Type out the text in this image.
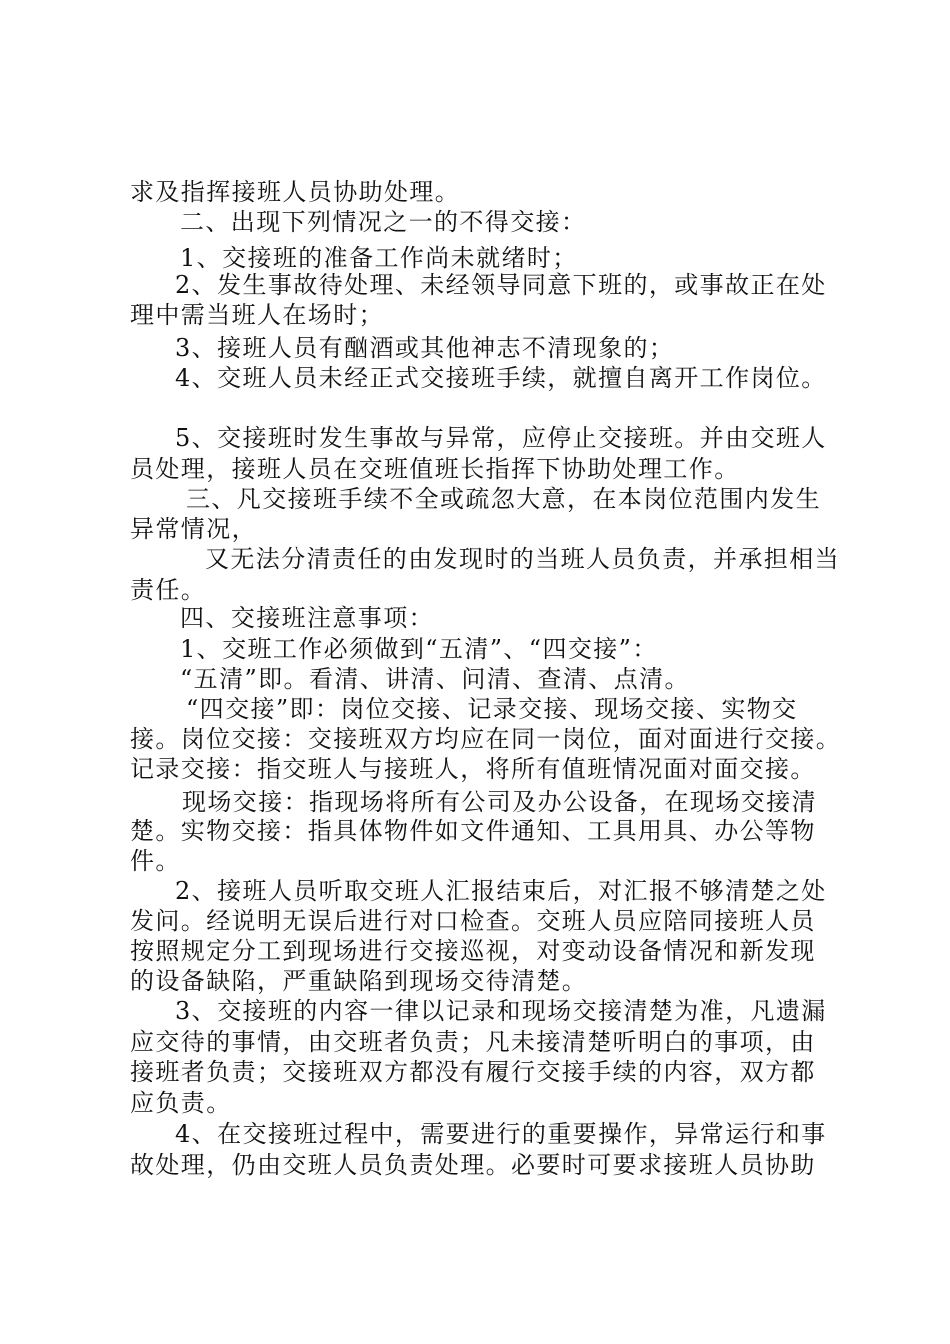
求及指挥接班人员协助处理。
二、出现下列情况之一的不得交接：
1、交接班的准备工作尚未就绪时；
2、发生事故待处理、未经领导同意下班的，或事故正在处
理中需当班人在场时；
3、接班人员有酗酒或其他神志不清现象的；
4、交班人员未经正式交接班手续，就擅自离开工作岗位。
5、交接班时发生事故与异常，应停止交接班。并由交班人
员处理，接班人员在交班值班长指挥下协助处理工作。
三、凡交接班手续不全或疏忽大意，在本岗位范围内发生
异常情况，
又无法分清责任的由发现时的当班人员负责，并承担相当
责任。
四、交接班注意事项：
1、交班工作必须做到“五清”、“四交接”：
“五清”即。看清、讲清、问清、查清、点清。
“四交接”即：岗位交接、记录交接、现场交接、实物交
接。岗位交接：交接班双方均应在同一岗位，面对面进行交接。
记录交接：指交班人与接班人，将所有值班情况面对面交接。
现场交接：指现场将所有公司及办公设备，在现场交接清
楚。实物交接：指具体物件如文件通知、工具用具、办公等物
件。
2、接班人员听取交班人汇报结束后，对汇报不够清楚之处
发问。经说明无误后进行对口检查。交班人员应陪同接班人员
按照规定分工到现场进行交接巡视，对变动设备情况和新发现
的设备缺陷，严重缺陷到现场交待清楚。
3、交接班的内容一律以记录和现场交接清楚为准，凡遗漏
应交待的事情，由交班者负责；凡未接清楚听明白的事项，由
接班者负责；交接班双方都没有履行交接手续的内容，双方都
应负责。
4、在交接班过程中，需要进行的重要操作，异常运行和事
故处理，仍由交班人员负责处理。必要时可要求接班人员协助
